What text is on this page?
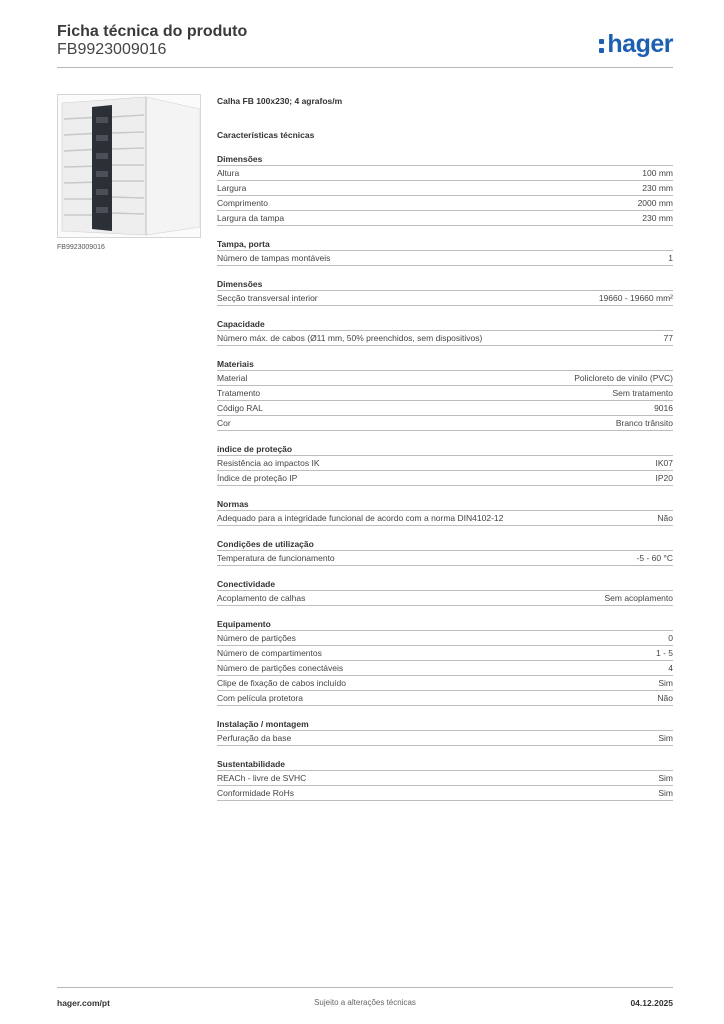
Ficha técnica do produto
FB9923009016	hager
FB9923009016
Calha FB 100x230; 4 agrafos/m
Características técnicas
Dimensões
Altura	100 mm
Largura	230 mm
Comprimento	2000 mm
Largura da tampa	230 mm
Tampa, porta
Número de tampas montáveis	1
Dimensões
Secção transversal interior	19660 - 19660 mm²
Capacidade
Número máx. de cabos (Ø11 mm, 50% preenchidos, sem dispositivos)	77
Materiais
Material	Policloreto de vinilo (PVC)
Tratamento	Sem tratamento
Código RAL	9016
Cor	Branco trânsito
índice de proteção
Resistência ao impactos IK	IK07
Índice de proteção IP	IP20
Normas
Adequado para a integridade funcional de acordo com a norma DIN4102-12	Não
Condições de utilização
Temperatura de funcionamento	-5 - 60 °C
Conectividade
Acoplamento de calhas	Sem acoplamento
Equipamento
Número de partições	0
Número de compartimentos	1 - 5
Número de partições conectáveis	4
Clipe de fixação de cabos incluído	Sim
Com película protetora	Não
Instalação / montagem
Perfuração da base	Sim
Sustentabilidade
REACh - livre de SVHC	Sim
Conformidade RoHs	Sim
hager.com/pt	Sujeito a alterações técnicas	04.12.2025
